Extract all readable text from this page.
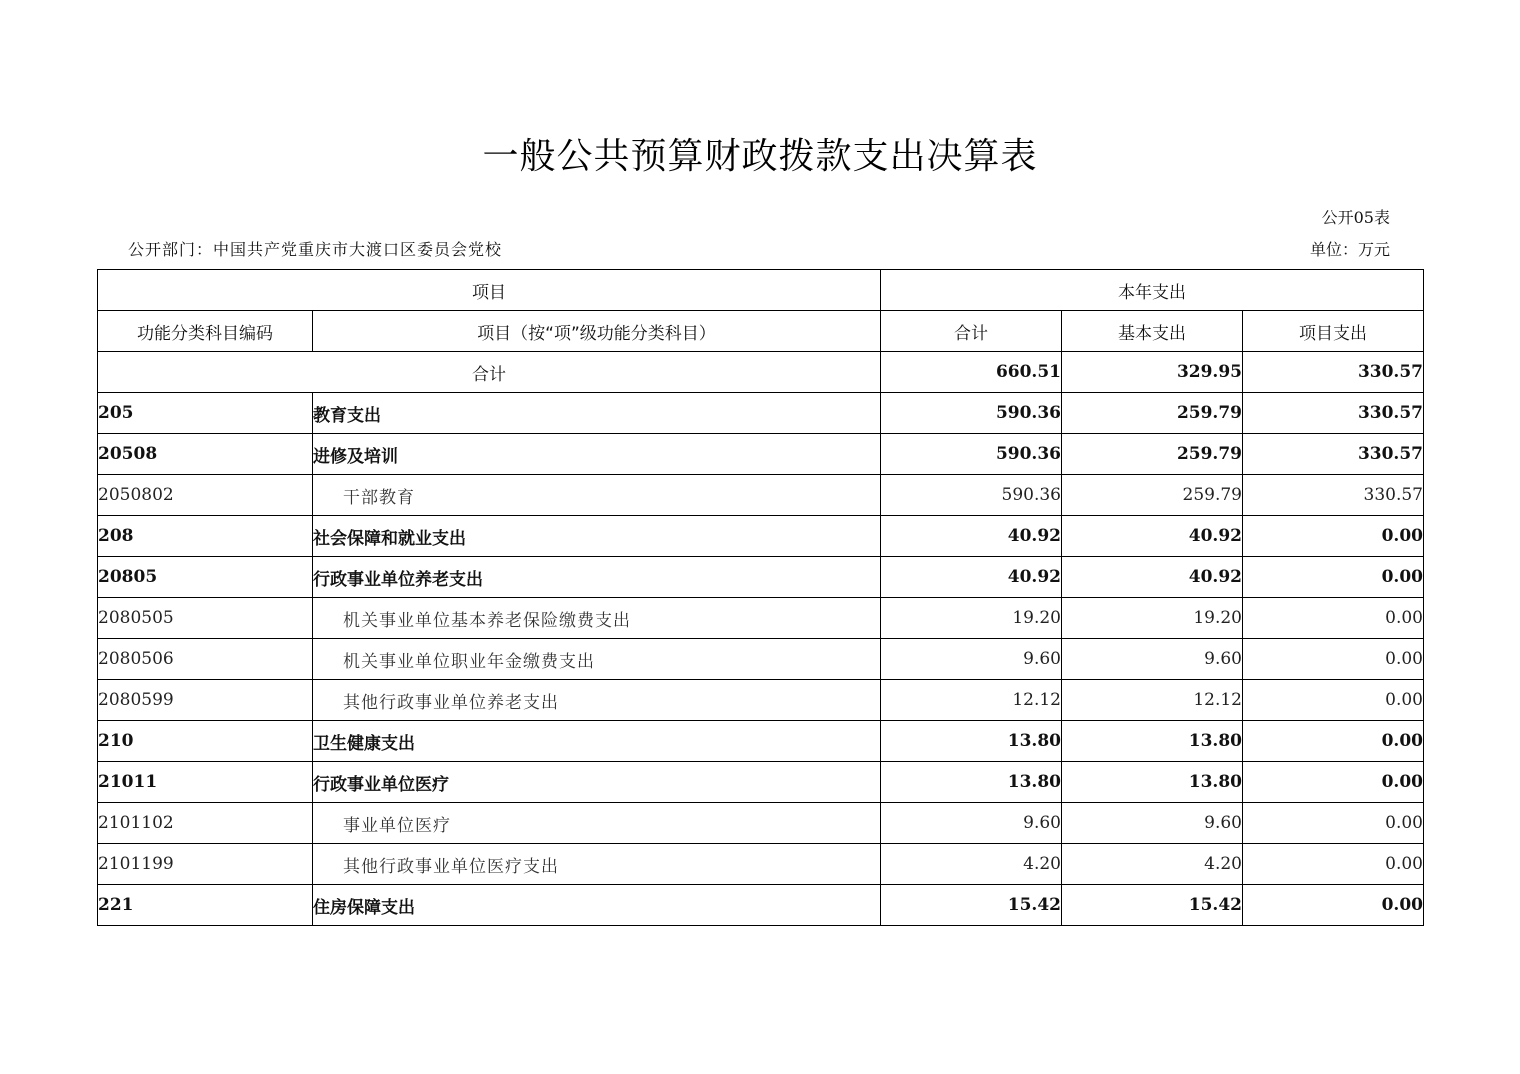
一般公共预算财政拨款支出决算表
公开05表
公开部门：中国共产党重庆市大渡口区委员会党校	单位：万元
项目		本年支出		
功能分类科目编码	项目（按“项”级功能分类科目）	合计	基本支出	项目支出
合计		660.51	329.95	330.57
205	教育支出	590.36	259.79	330.57
20508	进修及培训	590.36	259.79	330.57
2050802	干部教育	590.36	259.79	330.57
208	社会保障和就业支出	40.92	40.92	0.00
20805	行政事业单位养老支出	40.92	40.92	0.00
2080505	机关事业单位基本养老保险缴费支出	19.20	19.20	0.00
2080506	机关事业单位职业年金缴费支出	9.60	9.60	0.00
2080599	其他行政事业单位养老支出	12.12	12.12	0.00
210	卫生健康支出	13.80	13.80	0.00
21011	行政事业单位医疗	13.80	13.80	0.00
2101102	事业单位医疗	9.60	9.60	0.00
2101199	其他行政事业单位医疗支出	4.20	4.20	0.00
221	住房保障支出	15.42	15.42	0.00
